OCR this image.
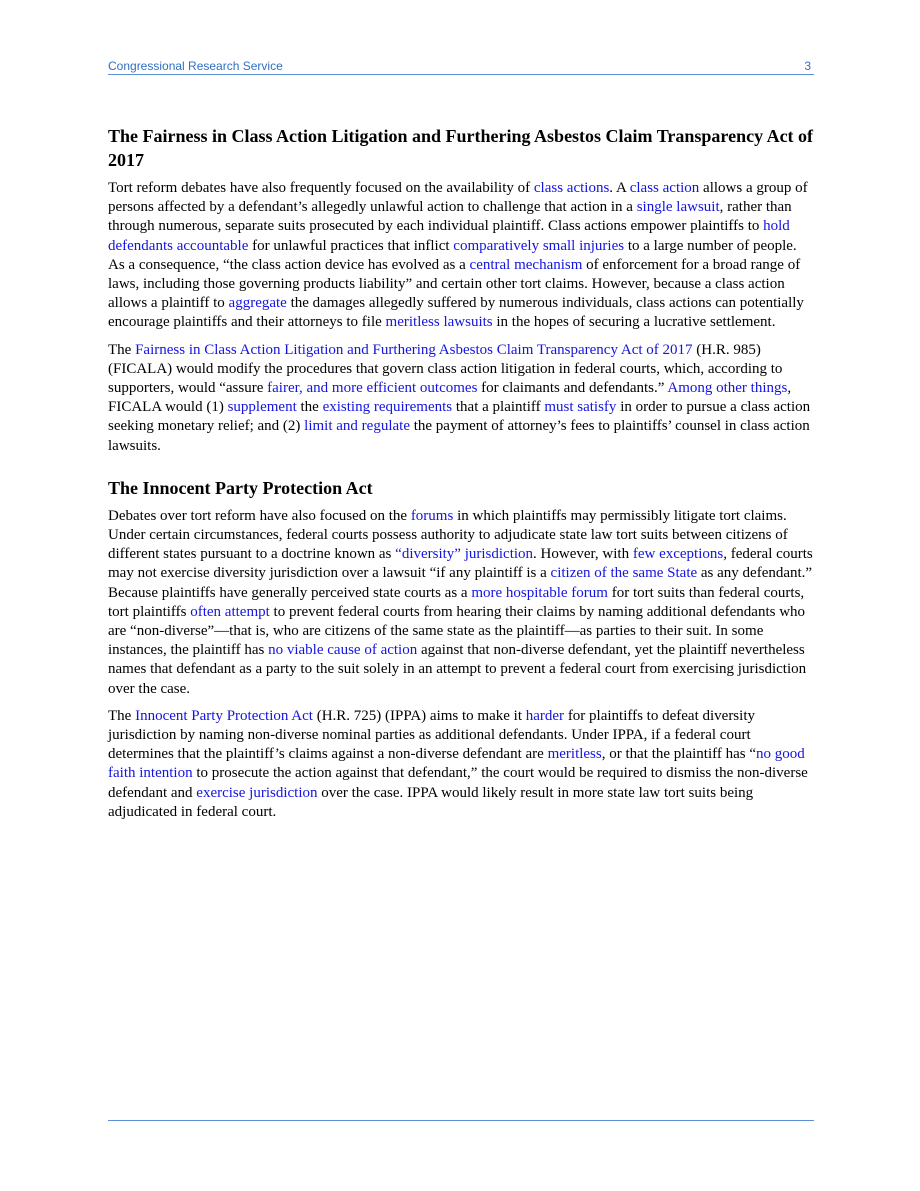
Congressional Research Service	3
The Fairness in Class Action Litigation and Furthering Asbestos Claim Transparency Act of 2017

Tort reform debates have also frequently focused on the availability of class actions. A class action allows a group of persons affected by a defendant’s allegedly unlawful action to challenge that action in a single lawsuit, rather than through numerous, separate suits prosecuted by each individual plaintiff. Class actions empower plaintiffs to hold defendants accountable for unlawful practices that inflict comparatively small injuries to a large number of people. As a consequence, “the class action device has evolved as a central mechanism of enforcement for a broad range of laws, including those governing products liability” and certain other tort claims. However, because a class action allows a plaintiff to aggregate the damages allegedly suffered by numerous individuals, class actions can potentially encourage plaintiffs and their attorneys to file meritless lawsuits in the hopes of securing a lucrative settlement.

The Fairness in Class Action Litigation and Furthering Asbestos Claim Transparency Act of 2017 (H.R. 985) (FICALA) would modify the procedures that govern class action litigation in federal courts, which, according to supporters, would “assure fairer, and more efficient outcomes for claimants and defendants.” Among other things, FICALA would (1) supplement the existing requirements that a plaintiff must satisfy in order to pursue a class action seeking monetary relief; and (2) limit and regulate the payment of attorney’s fees to plaintiffs’ counsel in class action lawsuits.

The Innocent Party Protection Act

Debates over tort reform have also focused on the forums in which plaintiffs may permissibly litigate tort claims. Under certain circumstances, federal courts possess authority to adjudicate state law tort suits between citizens of different states pursuant to a doctrine known as “diversity” jurisdiction. However, with few exceptions, federal courts may not exercise diversity jurisdiction over a lawsuit “if any plaintiff is a citizen of the same State as any defendant.” Because plaintiffs have generally perceived state courts as a more hospitable forum for tort suits than federal courts, tort plaintiffs often attempt to prevent federal courts from hearing their claims by naming additional defendants who are “non-diverse”—that is, who are citizens of the same state as the plaintiff—as parties to their suit. In some instances, the plaintiff has no viable cause of action against that non-diverse defendant, yet the plaintiff nevertheless names that defendant as a party to the suit solely in an attempt to prevent a federal court from exercising jurisdiction over the case.

The Innocent Party Protection Act (H.R. 725) (IPPA) aims to make it harder for plaintiffs to defeat diversity jurisdiction by naming non-diverse nominal parties as additional defendants. Under IPPA, if a federal court determines that the plaintiff’s claims against a non-diverse defendant are meritless, or that the plaintiff has “no good faith intention to prosecute the action against that defendant,” the court would be required to dismiss the non-diverse defendant and exercise jurisdiction over the case. IPPA would likely result in more state law tort suits being adjudicated in federal court.
